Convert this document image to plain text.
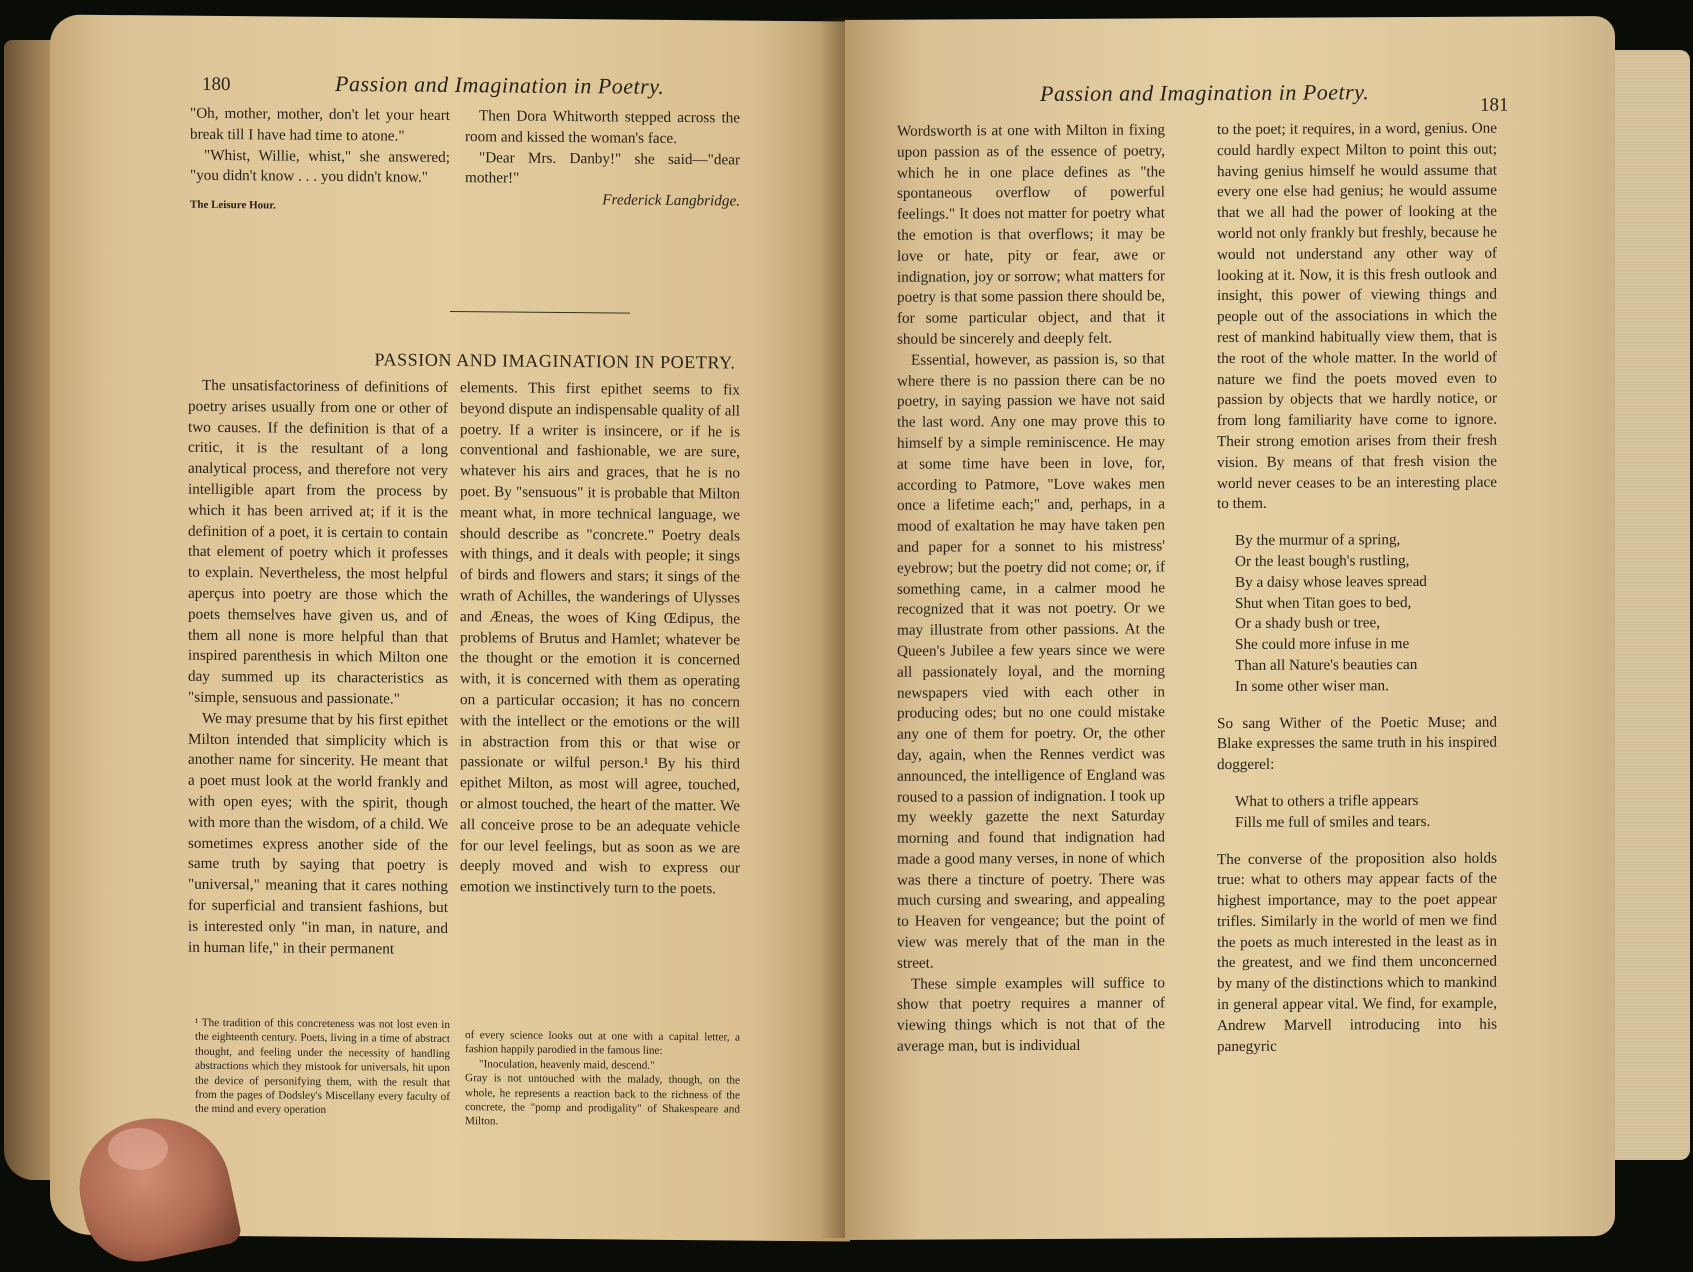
180	Passion and Imagination in Poetry.

"Oh, mother, mother, don't let your heart break till I have had time to atone."

"Whist, Willie, whist," she answered; "you didn't know . . . you didn't know."

The Leisure Hour.

Then Dora Whitworth stepped across the room and kissed the woman's face.

"Dear Mrs. Danby!" she said—"dear mother!"

Frederick Langbridge.
PASSION AND IMAGINATION IN POETRY.

The unsatisfactoriness of definitions of poetry arises usually from one or other of two causes. If the definition is that of a critic, it is the resultant of a long analytical process, and therefore not very intelligible apart from the process by which it has been arrived at; if it is the definition of a poet, it is certain to contain that element of poetry which it professes to explain. Nevertheless, the most helpful aperçus into poetry are those which the poets themselves have given us, and of them all none is more helpful than that inspired parenthesis in which Milton one day summed up its characteristics as "simple, sensuous and passionate."

We may presume that by his first epithet Milton intended that simplicity which is another name for sincerity. He meant that a poet must look at the world frankly and with open eyes; with the spirit, though with more than the wisdom, of a child. We sometimes express another side of the same truth by saying that poetry is "universal," meaning that it cares nothing for superficial and transient fashions, but is interested only "in man, in nature, and in human life," in their permanent

elements. This first epithet seems to fix beyond dispute an indispensable quality of all poetry. If a writer is insincere, or if he is conventional and fashionable, we are sure, whatever his airs and graces, that he is no poet. By "sensuous" it is probable that Milton meant what, in more technical language, we should describe as "concrete." Poetry deals with things, and it deals with people; it sings of birds and flowers and stars; it sings of the wrath of Achilles, the wanderings of Ulysses and Æneas, the woes of King Œdipus, the problems of Brutus and Hamlet; whatever be the thought or the emotion it is concerned with, it is concerned with them as operating on a particular occasion; it has no concern with the intellect or the emotions or the will in abstraction from this or that wise or passionate or wilful person.¹ By his third epithet Milton, as most will agree, touched, or almost touched, the heart of the matter. We all conceive prose to be an adequate vehicle for our level feelings, but as soon as we are deeply moved and wish to express our emotion we instinctively turn to the poets.

¹ The tradition of this concreteness was not lost even in the eighteenth century. Poets, living in a time of abstract thought, and feeling under the necessity of handling abstractions which they mistook for universals, hit upon the device of personifying them, with the result that from the pages of Dodsley's Miscellany every faculty of the mind and every operation

of every science looks out at one with a capital letter, a fashion happily parodied in the famous line:

"Inoculation, heavenly maid, descend."

Gray is not untouched with the malady, though, on the whole, he represents a reaction back to the richness of the concrete, the "pomp and prodigality" of Shakespeare and Milton.

Passion and Imagination in Poetry.	181

Wordsworth is at one with Milton in fixing upon passion as of the essence of poetry, which he in one place defines as "the spontaneous overflow of powerful feelings." It does not matter for poetry what the emotion is that overflows; it may be love or hate, pity or fear, awe or indignation, joy or sorrow; what matters for poetry is that some passion there should be, for some particular object, and that it should be sincerely and deeply felt.

Essential, however, as passion is, so that where there is no passion there can be no poetry, in saying passion we have not said the last word. Any one may prove this to himself by a simple reminiscence. He may at some time have been in love, for, according to Patmore, "Love wakes men once a lifetime each;" and, perhaps, in a mood of exaltation he may have taken pen and paper for a sonnet to his mistress' eyebrow; but the poetry did not come; or, if something came, in a calmer mood he recognized that it was not poetry. Or we may illustrate from other passions. At the Queen's Jubilee a few years since we were all passionately loyal, and the morning newspapers vied with each other in producing odes; but no one could mistake any one of them for poetry. Or, the other day, again, when the Rennes verdict was announced, the intelligence of England was roused to a passion of indignation. I took up my weekly gazette the next Saturday morning and found that indignation had made a good many verses, in none of which was there a tincture of poetry. There was much cursing and swearing, and appealing to Heaven for vengeance; but the point of view was merely that of the man in the street.

These simple examples will suffice to show that poetry requires a manner of viewing things which is not that of the average man, but is individual

to the poet; it requires, in a word, genius. One could hardly expect Milton to point this out; having genius himself he would assume that every one else had genius; he would assume that we all had the power of looking at the world not only frankly but freshly, because he would not understand any other way of looking at it. Now, it is this fresh outlook and insight, this power of viewing things and people out of the associations in which the rest of mankind habitually view them, that is the root of the whole matter. In the world of nature we find the poets moved even to passion by objects that we hardly notice, or from long familiarity have come to ignore. Their strong emotion arises from their fresh vision. By means of that fresh vision the world never ceases to be an interesting place to them.

By the murmur of a spring,
Or the least bough's rustling,
By a daisy whose leaves spread
Shut when Titan goes to bed,
Or a shady bush or tree,
She could more infuse in me
Than all Nature's beauties can
In some other wiser man.

So sang Wither of the Poetic Muse; and Blake expresses the same truth in his inspired doggerel:

What to others a trifle appears
Fills me full of smiles and tears.

The converse of the proposition also holds true: what to others may appear facts of the highest importance, may to the poet appear trifles. Similarly in the world of men we find the poets as much interested in the least as in the greatest, and we find them unconcerned by many of the distinctions which to mankind in general appear vital. We find, for example, Andrew Marvell introducing into his panegyric
